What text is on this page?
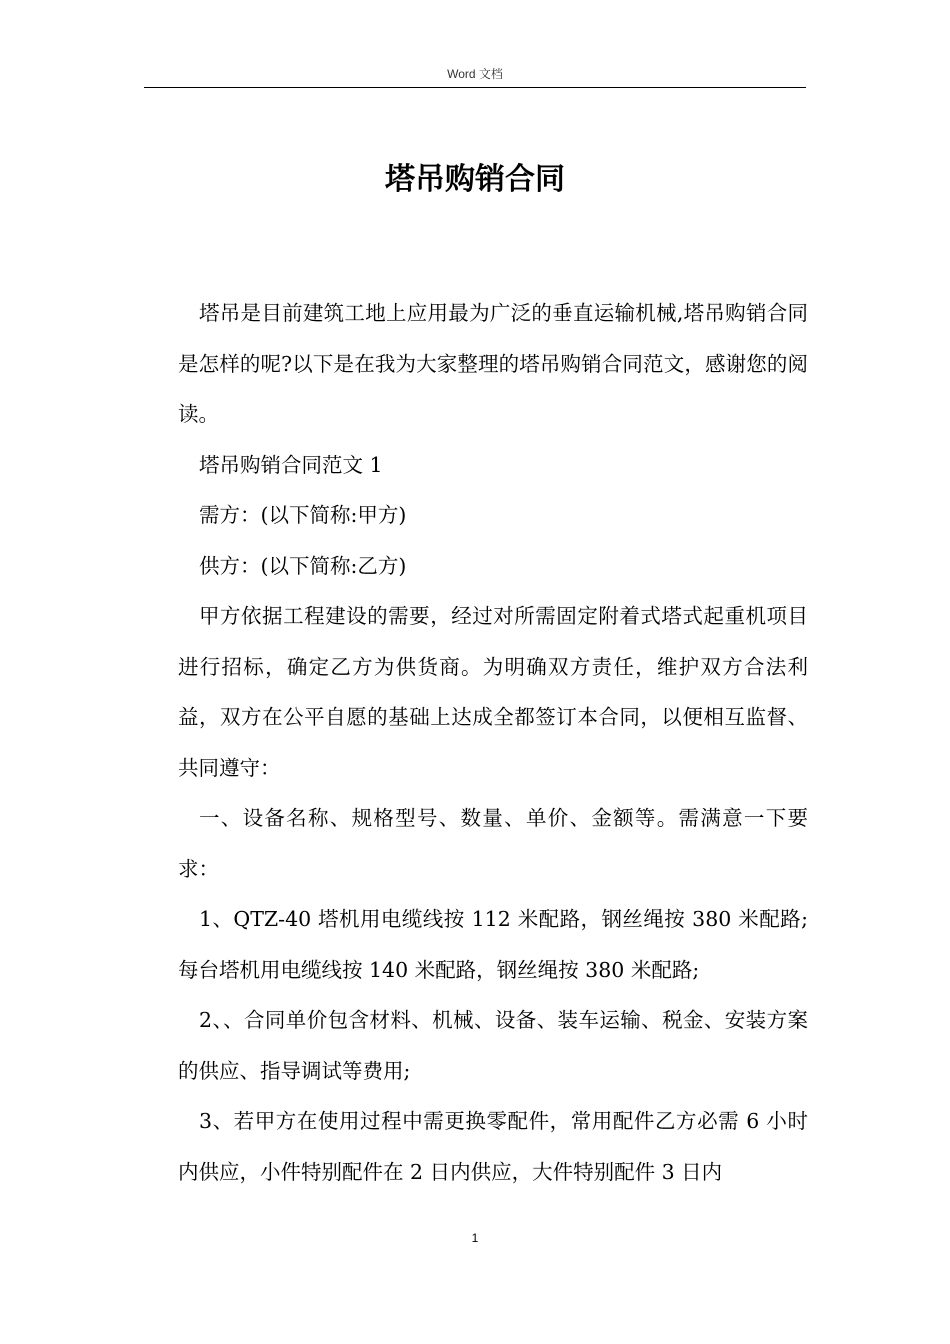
Word 文档
塔吊购销合同

塔吊是目前建筑工地上应用最为广泛的垂直运输机械,塔吊购销合同是怎样的呢?以下是在我为大家整理的塔吊购销合同范文，感谢您的阅读。

塔吊购销合同范文 1

需方：(以下简称:甲方)

供方：(以下简称:乙方)

甲方依据工程建设的需要，经过对所需固定附着式塔式起重机项目进行招标，确定乙方为供货商。为明确双方责任，维护双方合法利益，双方在公平自愿的基础上达成全都签订本合同，以便相互监督、共同遵守：

一、设备名称、规格型号、数量、单价、金额等。需满意一下要求：

1、QTZ-40 塔机用电缆线按 112 米配路，钢丝绳按 380 米配路;每台塔机用电缆线按 140 米配路，钢丝绳按 380 米配路;

2、、合同单价包含材料、机械、设备、装车运输、税金、安装方案的供应、指导调试等费用;

3、若甲方在使用过程中需更换零配件，常用配件乙方必需 6 小时内供应，小件特别配件在 2 日内供应，大件特别配件 3 日内

1
